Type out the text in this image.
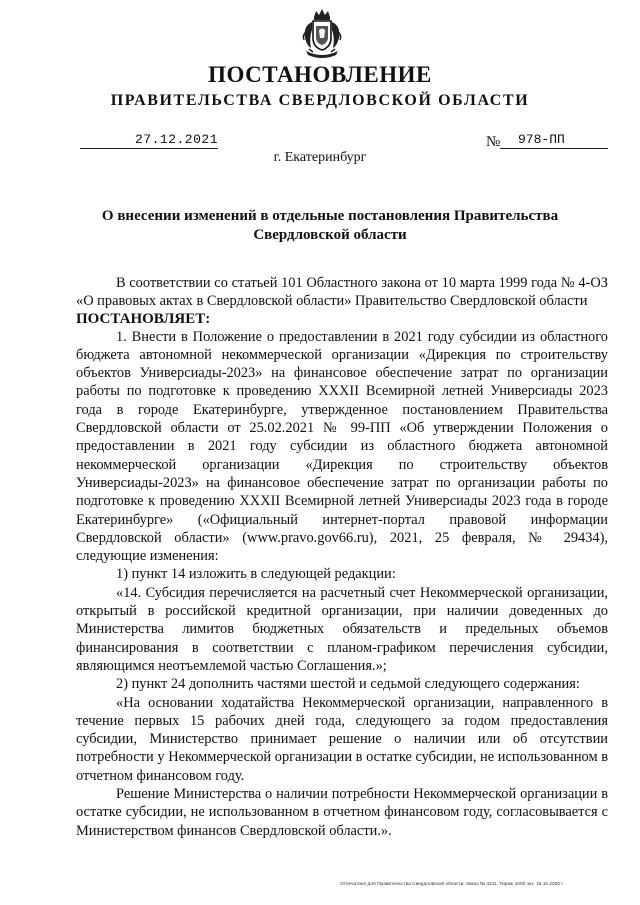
ПОСТАНОВЛЕНИЕ
ПРАВИТЕЛЬСТВА СВЕРДЛОВСКОЙ ОБЛАСТИ
27.12.2021	№ 978-ПП
г. Екатеринбург
О внесении изменений в отдельные постановления Правительства Свердловской области

В соответствии со статьей 101 Областного закона от 10 марта 1999 года № 4-ОЗ «О правовых актах в Свердловской области» Правительство Свердловской области

ПОСТАНОВЛЯЕТ:

1. Внести в Положение о предоставлении в 2021 году субсидии из областного бюджета автономной некоммерческой организации «Дирекция по строительству объектов Универсиады-2023» на финансовое обеспечение затрат по организации работы по подготовке к проведению XXXII Всемирной летней Универсиады 2023 года в городе Екатеринбурге, утвержденное постановлением Правительства Свердловской области от 25.02.2021 № 99-ПП «Об утверждении Положения о предоставлении в 2021 году субсидии из областного бюджета автономной некоммерческой организации «Дирекция по строительству объектов Универсиады-2023» на финансовое обеспечение затрат по организации работы по подготовке к проведению XXXII Всемирной летней Универсиады 2023 года в городе Екатеринбурге» («Официальный интернет-портал правовой информации Свердловской области» (www.pravo.gov66.ru), 2021, 25 февраля, № 29434), следующие изменения:

1) пункт 14 изложить в следующей редакции:

«14. Субсидия перечисляется на расчетный счет Некоммерческой организации, открытый в российской кредитной организации, при наличии доведенных до Министерства лимитов бюджетных обязательств и предельных объемов финансирования в соответствии с планом-графиком перечисления субсидии, являющимся неотъемлемой частью Соглашения.»;

2) пункт 24 дополнить частями шестой и седьмой следующего содержания:

«На основании ходатайства Некоммерческой организации, направленного в течение первых 15 рабочих дней года, следующего за годом предоставления субсидии, Министерство принимает решение о наличии или об отсутствии потребности у Некоммерческой организации в остатке субсидии, не использованном в отчетном финансовом году.

Решение Министерства о наличии потребности Некоммерческой организации в остатке субсидии, не использованном в отчетном финансовом году, согласовывается с Министерством финансов Свердловской области.».

Отпечатано для Правительства Свердловской области. Заказ № 4211. Тираж 1000 экз. 16.10.2020 г.
